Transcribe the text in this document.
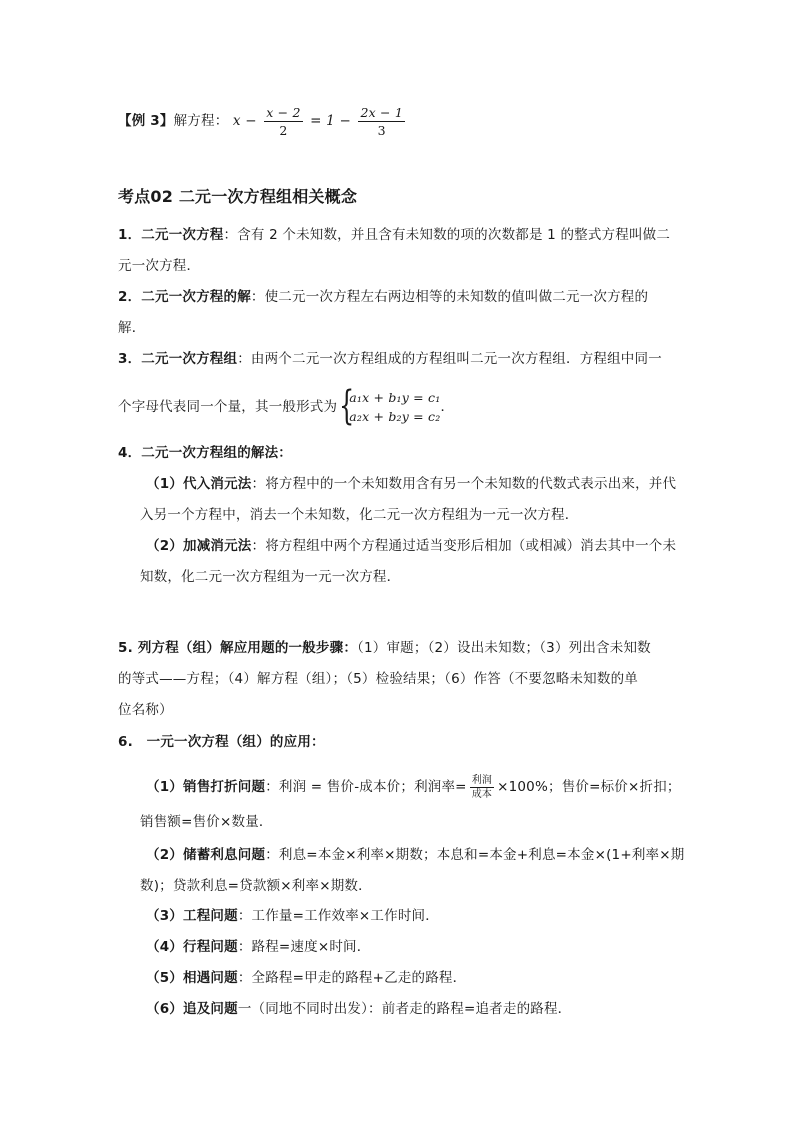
【例 3】解方程： $x - \frac{x - 2}{2} = 1 - \frac{2x - 1}{3}$
考点02 二元一次方程组相关概念
1．二元一次方程：含有 2 个未知数，并且含有未知数的项的次数都是 1 的整式方程叫做二
元一次方程．
2．二元一次方程的解：使二元一次方程左右两边相等的未知数的值叫做二元一次方程的
解．
3．二元一次方程组：由两个二元一次方程组成的方程组叫二元一次方程组．方程组中同一
个字母代表同一个量，其一般形式为 {
a₁x + b₁y = c₁
a₂x + b₂y = c₂
．
4．二元一次方程组的解法：
（1）代入消元法：将方程中的一个未知数用含有另一个未知数的代数式表示出来，并代
入另一个方程中，消去一个未知数，化二元一次方程组为一元一次方程．
（2）加减消元法：将方程组中两个方程通过适当变形后相加（或相减）消去其中一个未
知数，化二元一次方程组为一元一次方程．
5. 列方程（组）解应用题的一般步骤：（1）审题；（2）设出未知数；（3）列出含未知数
的等式——方程；（4）解方程（组）；（5）检验结果；（6）作答（不要忽略未知数的单
位名称）
6.　一元一次方程（组）的应用：
（1）销售打折问题：利润 = 售价-成本价；利润率= $\frac{\text{利润}}{\text{成本}} \times 100\%$；售价=标价×折扣；
销售额=售价×数量．
（2）储蓄利息问题：利息=本金×利率×期数；本息和=本金+利息=本金×(1+利率×期
数)；贷款利息=贷款额×利率×期数．
（3）工程问题：工作量=工作效率×工作时间．
（4）行程问题：路程=速度×时间．
（5）相遇问题：全路程=甲走的路程+乙走的路程．
（6）追及问题一（同地不同时出发）：前者走的路程=追者走的路程．
